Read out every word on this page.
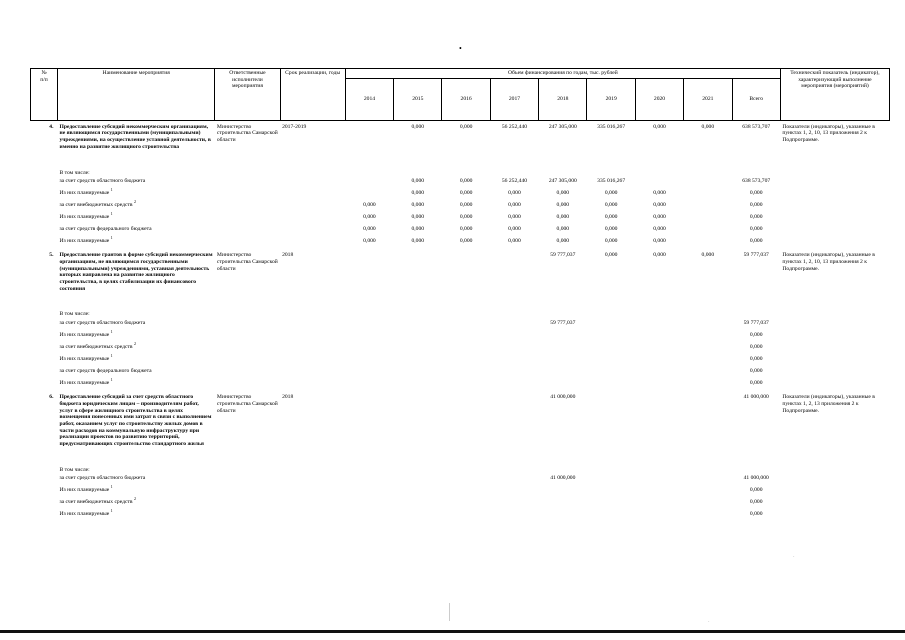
•
№
п/п	Наименование мероприятия	Ответственные исполнители мероприятия	Срок реализации, годы	Объем финансирования по годам, тыс. рублей									Технический показатель (индикатор), характеризующий выполнение мероприятия (мероприятий)
				2014	2015	2016	2017	2018	2019	2020	2021	Всего	
4.	Предоставление субсидий некоммерческим организациям, не являющимся государственными (муниципальными) учреждениями, на осуществление уставной деятельности, в именно на развитие жилищного строительства	Министерство строительства Самарской области	2017-2019		0,000	0,000	56 252,440	247 305,000	335 016,267	0,000	0,000	638 573,707	Показатели (индикаторы), указанные в пунктах 1, 2, 10, 13 приложения 2 к Подпрограмме.
	В том числе:												
	за счет средств областного бюджета				0,000	0,000	56 252,440	247 305,000	335 016,267			638 573,707	
	Из них планируемые $^1$				0,000	0,000	0,000	0,000	0,000	0,000		0,000	
	за счет внебюджетных средств $^2$			0,000	0,000	0,000	0,000	0,000	0,000	0,000		0,000	
	Из них планируемые $^1$			0,000	0,000	0,000	0,000	0,000	0,000	0,000		0,000	
	за счет средств федерального бюджета			0,000	0,000	0,000	0,000	0,000	0,000	0,000		0,000	
	Из них планируемые $^1$			0,000	0,000	0,000	0,000	0,000	0,000	0,000		0,000	
5.	Предоставление грантов в форме субсидий некоммерческим организациям, не являющимся государственными (муниципальными) учреждениями, уставная деятельность которых направлена на развитие жилищного строительства, в целях стабилизации их финансового состояния	Министерство строительства Самарской области	2018					59 777,037	0,000	0,000	0,000	59 777,037	Показатели (индикаторы), указанные в пунктах 1, 2, 10, 13 приложения 2 к Подпрограмме.
	В том числе:												
	за счет средств областного бюджета							59 777,037				59 777,037	
	Из них планируемые $^1$											0,000	
	за счет внебюджетных средств $^2$											0,000	
	Из них планируемые $^1$											0,000	
	за счет средств федерального бюджета											0,000	
	Из них планируемые $^1$											0,000	
6.	Предоставление субсидий за счет средств областного бюджета юридическим лицам – производителям работ, услуг в сфере жилищного строительства в целях возмещения понесенных ими затрат в связи с выполнением работ, оказанием услуг по строительству жилых домов в части расходов на коммунальную инфраструктуру при реализации проектов по развитию территорий, предусматривающих строительство стандартного жилья	Министерство строительства Самарской области	2018					41 000,000				41 000,000	Показатели (индикаторы), указанные в пунктах 1, 2, 13 приложения 2 к Подпрограмме.
	В том числе:												
	за счет средств областного бюджета							41 000,000				41 000,000	
	Из них планируемые $^1$											0,000	
	за счет внебюджетных средств $^2$											0,000	
	Из них планируемые $^1$											0,000	
·
·
